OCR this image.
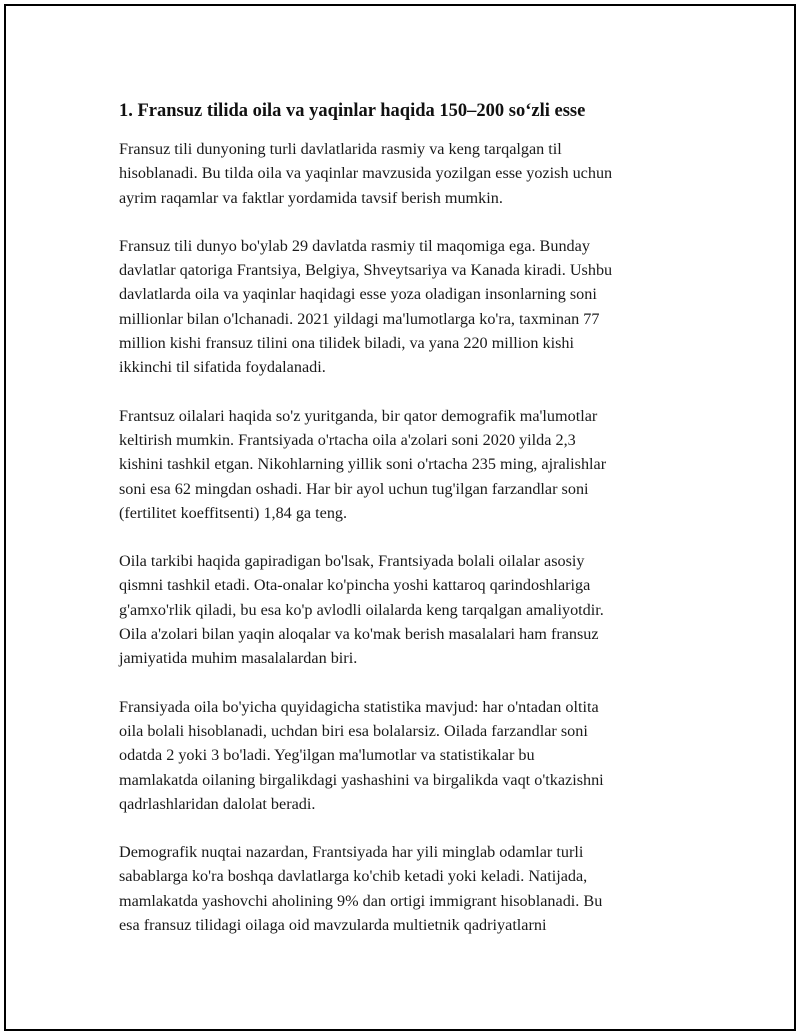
1. Fransuz tilida oila va yaqinlar haqida 150–200 so‘zli esse

Fransuz tili dunyoning turli davlatlarida rasmiy va keng tarqalgan til
hisoblanadi. Bu tilda oila va yaqinlar mavzusida yozilgan esse yozish uchun
ayrim raqamlar va faktlar yordamida tavsif berish mumkin.

Fransuz tili dunyo bo'ylab 29 davlatda rasmiy til maqomiga ega. Bunday
davlatlar qatoriga Frantsiya, Belgiya, Shveytsariya va Kanada kiradi. Ushbu
davlatlarda oila va yaqinlar haqidagi esse yoza oladigan insonlarning soni
millionlar bilan o'lchanadi. 2021 yildagi ma'lumotlarga ko'ra, taxminan 77
million kishi fransuz tilini ona tilidek biladi, va yana 220 million kishi
ikkinchi til sifatida foydalanadi.

Frantsuz oilalari haqida so'z yuritganda, bir qator demografik ma'lumotlar
keltirish mumkin. Frantsiyada o'rtacha oila a'zolari soni 2020 yilda 2,3
kishini tashkil etgan. Nikohlarning yillik soni o'rtacha 235 ming, ajralishlar
soni esa 62 mingdan oshadi. Har bir ayol uchun tug'ilgan farzandlar soni
(fertilitet koeffitsenti) 1,84 ga teng.

Oila tarkibi haqida gapiradigan bo'lsak, Frantsiyada bolali oilalar asosiy
qismni tashkil etadi. Ota-onalar ko'pincha yoshi kattaroq qarindoshlariga
g'amxo'rlik qiladi, bu esa ko'p avlodli oilalarda keng tarqalgan amaliyotdir.
Oila a'zolari bilan yaqin aloqalar va ko'mak berish masalalari ham fransuz
jamiyatida muhim masalalardan biri.

Fransiyada oila bo'yicha quyidagicha statistika mavjud: har o'ntadan oltita
oila bolali hisoblanadi, uchdan biri esa bolalarsiz. Oilada farzandlar soni
odatda 2 yoki 3 bo'ladi. Yeg'ilgan ma'lumotlar va statistikalar bu
mamlakatda oilaning birgalikdagi yashashini va birgalikda vaqt o'tkazishni
qadrlashlaridan dalolat beradi.

Demografik nuqtai nazardan, Frantsiyada har yili minglab odamlar turli
sabablarga ko'ra boshqa davlatlarga ko'chib ketadi yoki keladi. Natijada,
mamlakatda yashovchi aholining 9% dan ortigi immigrant hisoblanadi. Bu
esa fransuz tilidagi oilaga oid mavzularda multietnik qadriyatlarni
